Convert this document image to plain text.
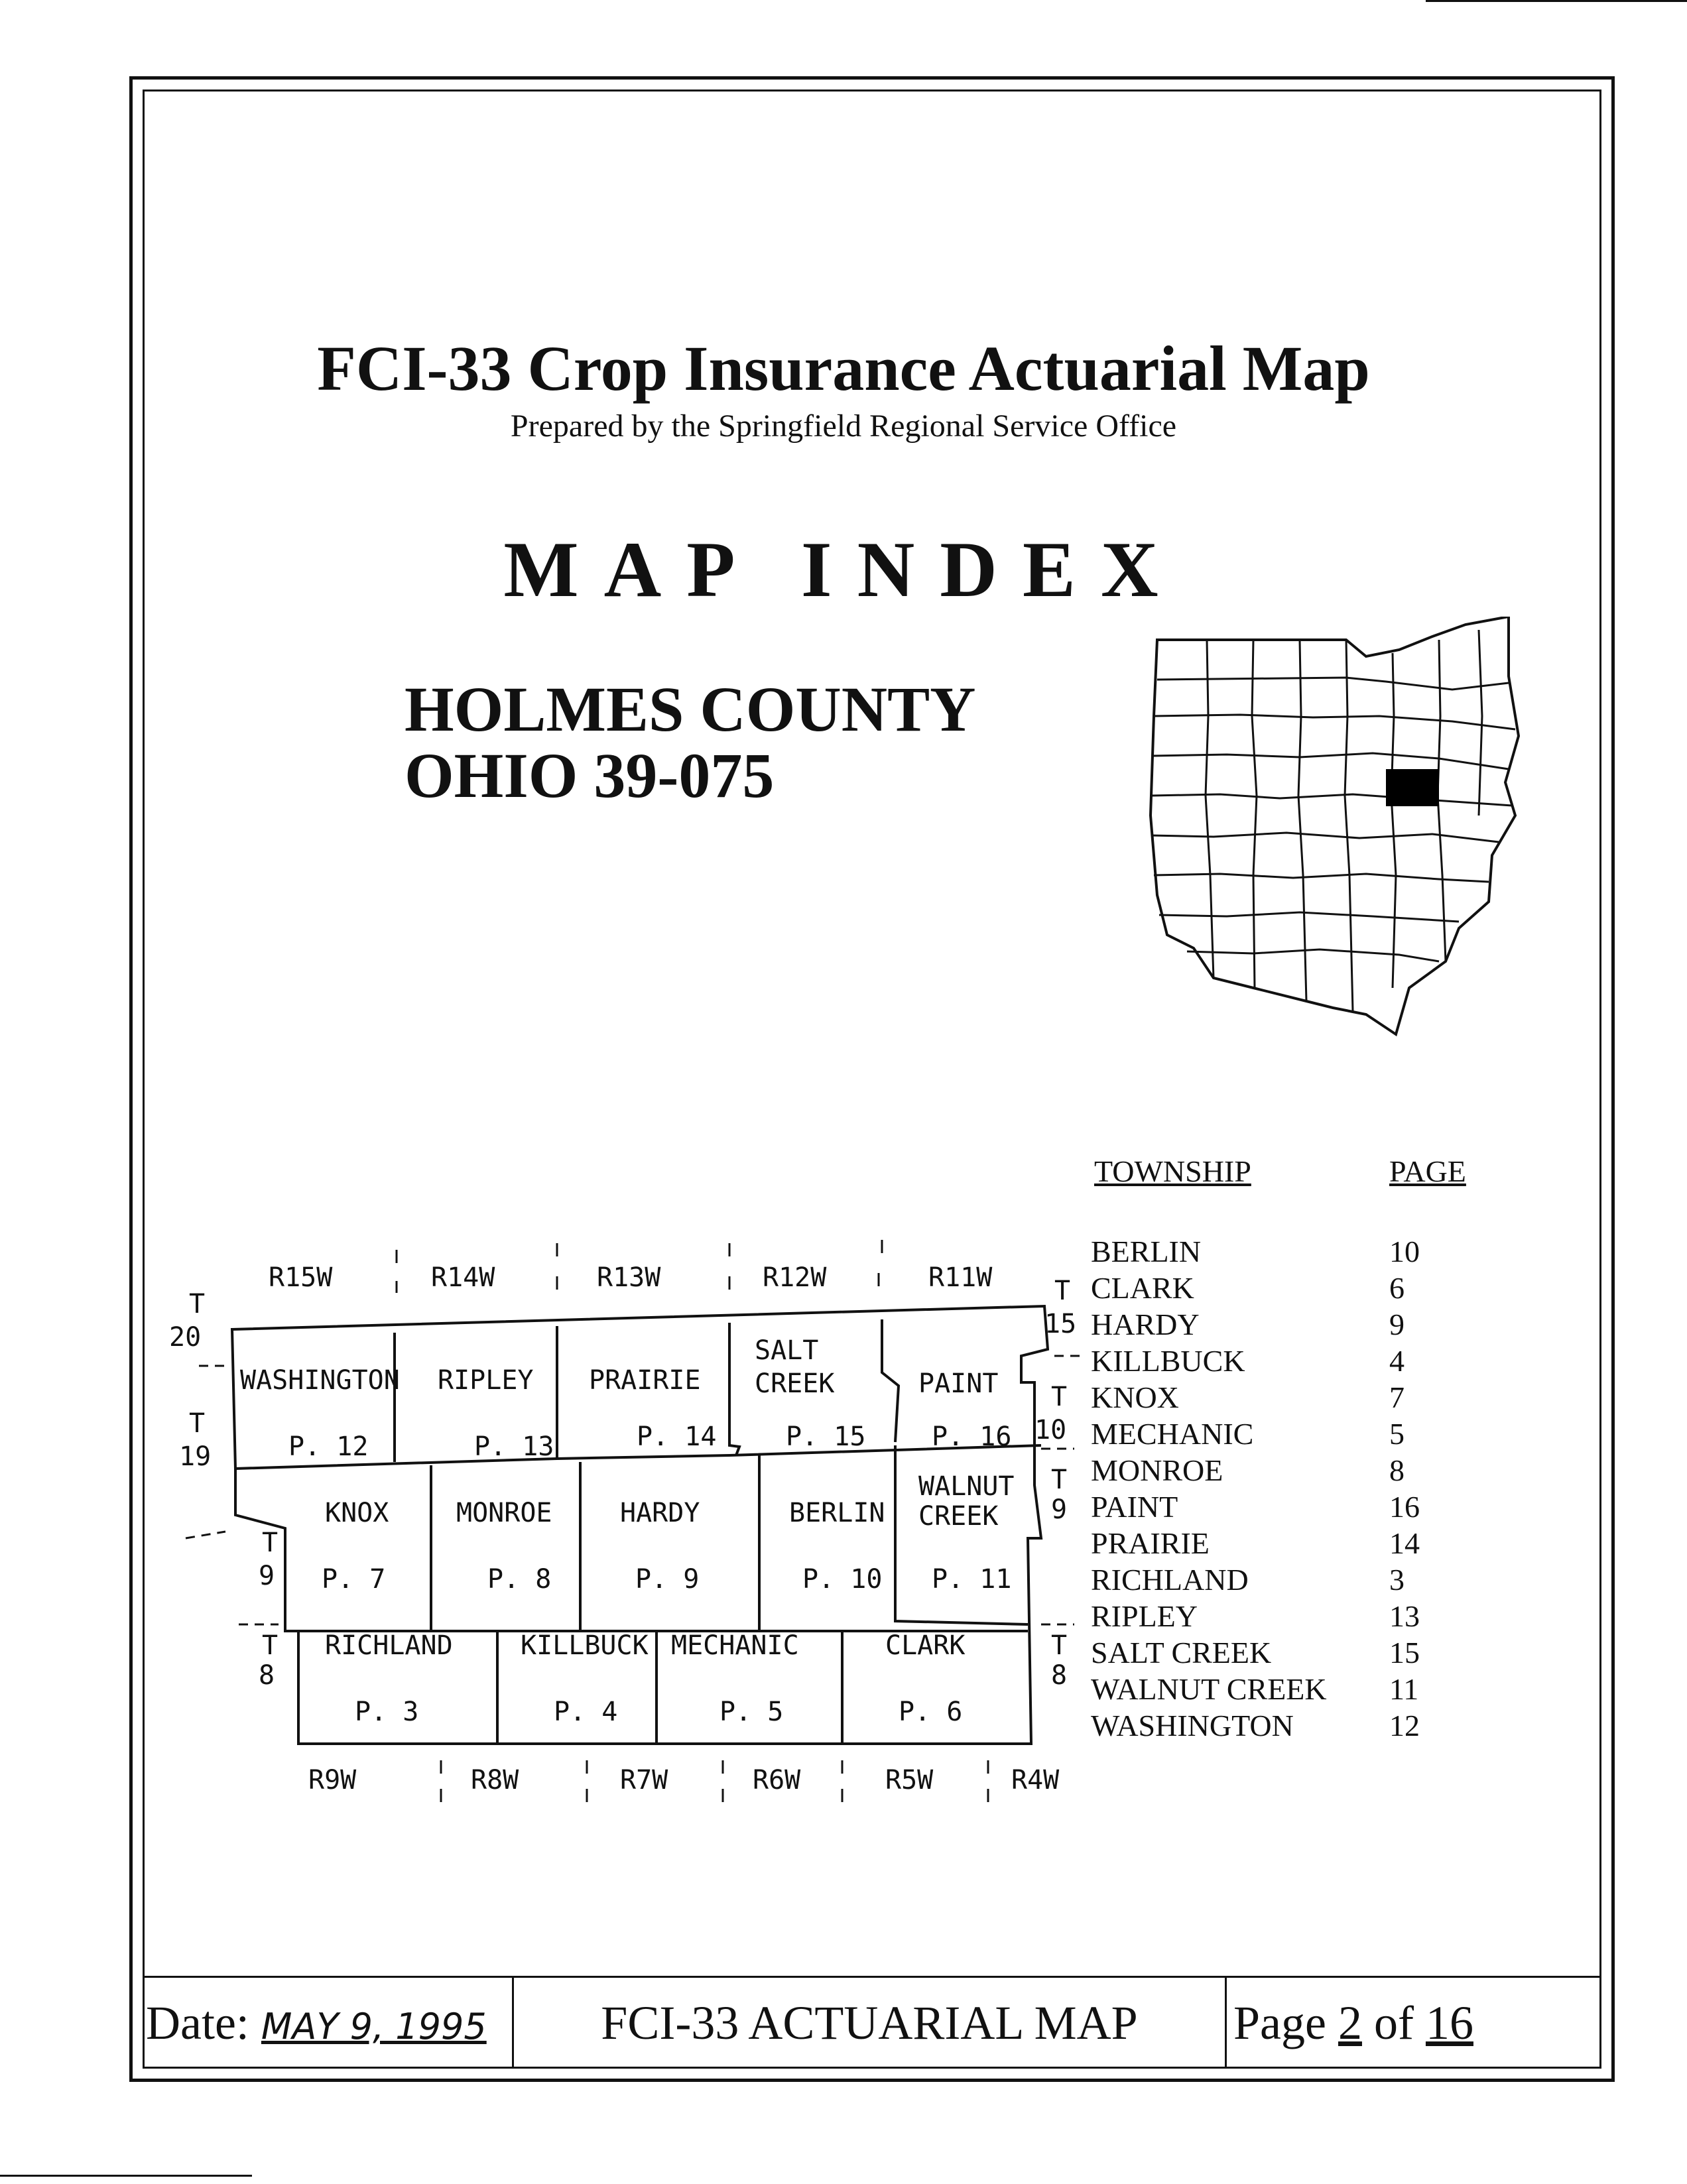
FCI-33 Crop Insurance Actuarial Map
Prepared by the Springfield Regional Service Office
MAP INDEX
HOLMES COUNTY
OHIO 39-075
R15W	R14W	R13W	R12W	R11W
R9W	R8W	R7W	R6W	R5W	R4W
T
20
T
19
T
9
T
8
T
15
T
10
T
9
T
8
WASHINGTON
P. 12
RIPLEY
P. 13
PRAIRIE
P. 14
SALT
CREEK
P. 15
PAINT
P. 16
KNOX
P. 7
MONROE
P. 8
HARDY
P. 9
BERLIN
P. 10
WALNUT
CREEK
P. 11
RICHLAND
P. 3
KILLBUCK
P. 4
MECHANIC
P. 5
CLARK
P. 6
TOWNSHIP	PAGE
BERLIN	10
CLARK	6
HARDY	9
KILLBUCK	4
KNOX	7
MECHANIC	5
MONROE	8
PAINT	16
PRAIRIE	14
RICHLAND	3
RIPLEY	13
SALT CREEK	15
WALNUT CREEK 11
WASHINGTON	12
Date: MAY 9, 1995	FCI-33 ACTUARIAL MAP	Page 2 of 16
